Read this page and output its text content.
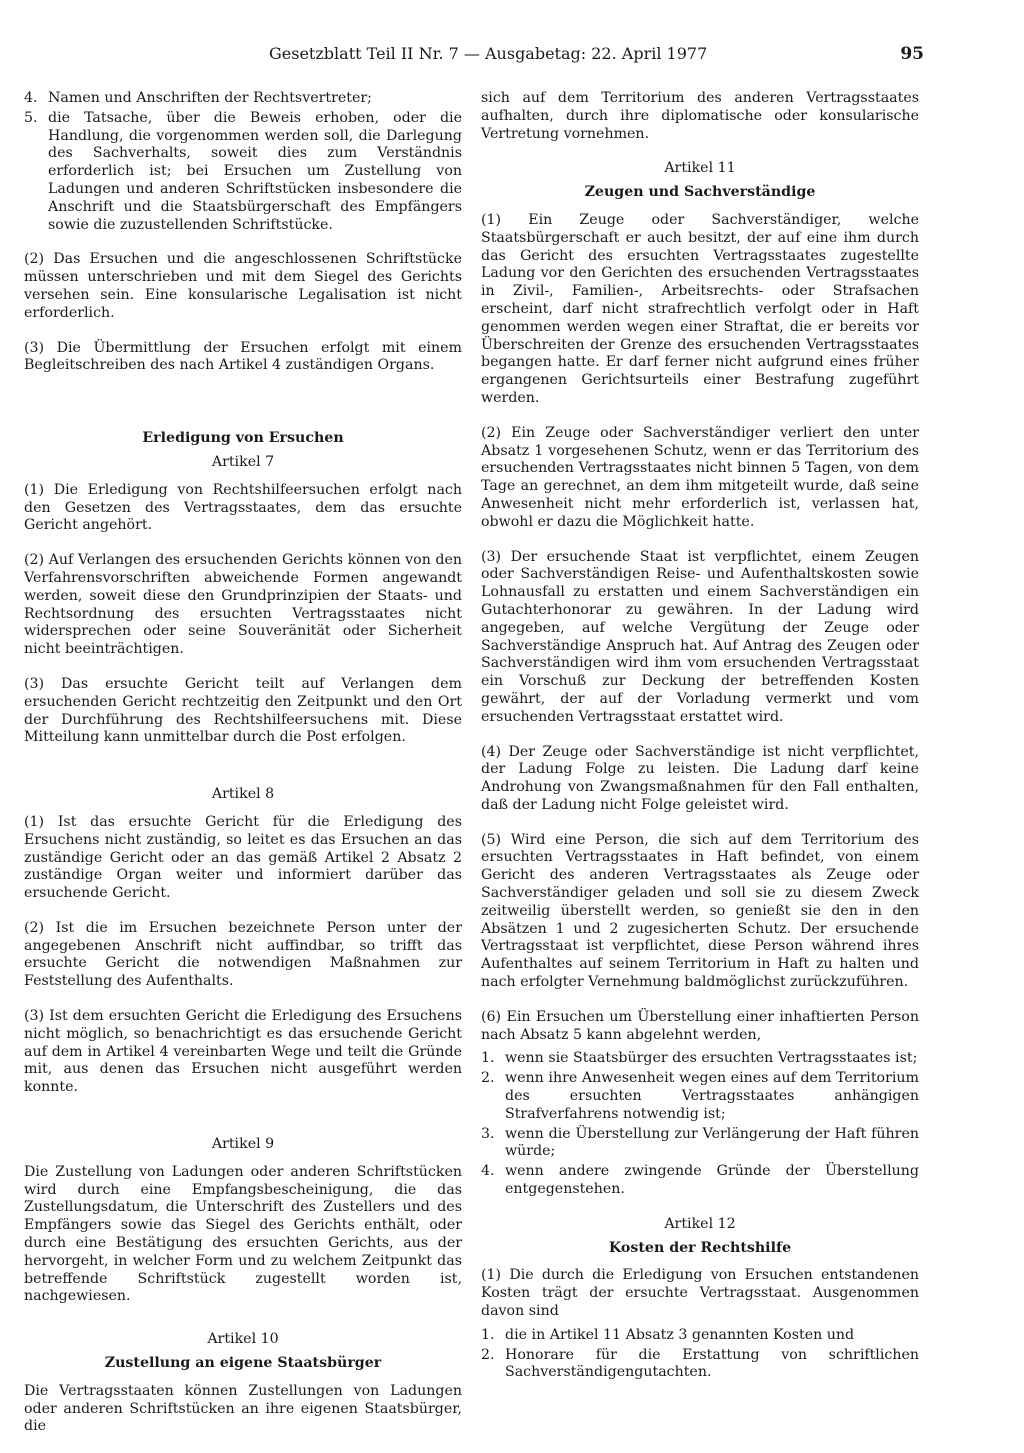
Gesetzblatt Teil II Nr. 7 — Ausgabetag: 22. April 1977	95
4. Namen und Anschriften der Rechtsvertreter;
5. die Tatsache, über die Beweis erhoben, oder die Handlung, die vorgenommen werden soll, die Darlegung des Sachverhalts, soweit dies zum Verständnis erforderlich ist; bei Ersuchen um Zustellung von Ladungen und anderen Schriftstücken insbesondere die Anschrift und die Staatsbürgerschaft des Empfängers sowie die zuzustellenden Schriftstücke.

(2) Das Ersuchen und die angeschlossenen Schriftstücke müssen unterschrieben und mit dem Siegel des Gerichts versehen sein. Eine konsularische Legalisation ist nicht erforderlich.

(3) Die Übermittlung der Ersuchen erfolgt mit einem Begleitschreiben des nach Artikel 4 zuständigen Organs.

Erledigung von Ersuchen

Artikel 7

(1) Die Erledigung von Rechtshilfeersuchen erfolgt nach den Gesetzen des Vertragsstaates, dem das ersuchte Gericht angehört.

(2) Auf Verlangen des ersuchenden Gerichts können von den Verfahrensvorschriften abweichende Formen angewandt werden, soweit diese den Grundprinzipien der Staats- und Rechtsordnung des ersuchten Vertragsstaates nicht widersprechen oder seine Souveränität oder Sicherheit nicht beeinträchtigen.

(3) Das ersuchte Gericht teilt auf Verlangen dem ersuchenden Gericht rechtzeitig den Zeitpunkt und den Ort der Durchführung des Rechtshilfeersuchens mit. Diese Mitteilung kann unmittelbar durch die Post erfolgen.

Artikel 8

(1) Ist das ersuchte Gericht für die Erledigung des Ersuchens nicht zuständig, so leitet es das Ersuchen an das zuständige Gericht oder an das gemäß Artikel 2 Absatz 2 zuständige Organ weiter und informiert darüber das ersuchende Gericht.

(2) Ist die im Ersuchen bezeichnete Person unter der angegebenen Anschrift nicht auffindbar, so trifft das ersuchte Gericht die notwendigen Maßnahmen zur Feststellung des Aufenthalts.

(3) Ist dem ersuchten Gericht die Erledigung des Ersuchens nicht möglich, so benachrichtigt es das ersuchende Gericht auf dem in Artikel 4 vereinbarten Wege und teilt die Gründe mit, aus denen das Ersuchen nicht ausgeführt werden konnte.

Artikel 9

Die Zustellung von Ladungen oder anderen Schriftstücken wird durch eine Empfangsbescheinigung, die das Zustellungsdatum, die Unterschrift des Zustellers und des Empfängers sowie das Siegel des Gerichts enthält, oder durch eine Bestätigung des ersuchten Gerichts, aus der hervorgeht, in welcher Form und zu welchem Zeitpunkt das betreffende Schriftstück zugestellt worden ist, nachgewiesen.

Artikel 10

Zustellung an eigene Staatsbürger

Die Vertragsstaaten können Zustellungen von Ladungen oder anderen Schriftstücken an ihre eigenen Staatsbürger, die

sich auf dem Territorium des anderen Vertragsstaates aufhalten, durch ihre diplomatische oder konsularische Vertretung vornehmen.

Artikel 11

Zeugen und Sachverständige

(1) Ein Zeuge oder Sachverständiger, welche Staatsbürgerschaft er auch besitzt, der auf eine ihm durch das Gericht des ersuchten Vertragsstaates zugestellte Ladung vor den Gerichten des ersuchenden Vertragsstaates in Zivil-, Familien-, Arbeitsrechts- oder Strafsachen erscheint, darf nicht strafrechtlich verfolgt oder in Haft genommen werden wegen einer Straftat, die er bereits vor Überschreiten der Grenze des ersuchenden Vertragsstaates begangen hatte. Er darf ferner nicht aufgrund eines früher ergangenen Gerichtsurteils einer Bestrafung zugeführt werden.

(2) Ein Zeuge oder Sachverständiger verliert den unter Absatz 1 vorgesehenen Schutz, wenn er das Territorium des ersuchenden Vertragsstaates nicht binnen 5 Tagen, von dem Tage an gerechnet, an dem ihm mitgeteilt wurde, daß seine Anwesenheit nicht mehr erforderlich ist, verlassen hat, obwohl er dazu die Möglichkeit hatte.

(3) Der ersuchende Staat ist verpflichtet, einem Zeugen oder Sachverständigen Reise- und Aufenthaltskosten sowie Lohnausfall zu erstatten und einem Sachverständigen ein Gutachterhonorar zu gewähren. In der Ladung wird angegeben, auf welche Vergütung der Zeuge oder Sachverständige Anspruch hat. Auf Antrag des Zeugen oder Sachverständigen wird ihm vom ersuchenden Vertragsstaat ein Vorschuß zur Deckung der betreffenden Kosten gewährt, der auf der Vorladung vermerkt und vom ersuchenden Vertragsstaat erstattet wird.

(4) Der Zeuge oder Sachverständige ist nicht verpflichtet, der Ladung Folge zu leisten. Die Ladung darf keine Androhung von Zwangsmaßnahmen für den Fall enthalten, daß der Ladung nicht Folge geleistet wird.

(5) Wird eine Person, die sich auf dem Territorium des ersuchten Vertragsstaates in Haft befindet, von einem Gericht des anderen Vertragsstaates als Zeuge oder Sachverständiger geladen und soll sie zu diesem Zweck zeitweilig überstellt werden, so genießt sie den in den Absätzen 1 und 2 zugesicherten Schutz. Der ersuchende Vertragsstaat ist verpflichtet, diese Person während ihres Aufenthaltes auf seinem Territorium in Haft zu halten und nach erfolgter Vernehmung baldmöglichst zurückzuführen.

(6) Ein Ersuchen um Überstellung einer inhaftierten Person nach Absatz 5 kann abgelehnt werden,

1. wenn sie Staatsbürger des ersuchten Vertragsstaates ist;
2. wenn ihre Anwesenheit wegen eines auf dem Territorium des ersuchten Vertragsstaates anhängigen Strafverfahrens notwendig ist;
3. wenn die Überstellung zur Verlängerung der Haft führen würde;
4. wenn andere zwingende Gründe der Überstellung entgegenstehen.

Artikel 12

Kosten der Rechtshilfe

(1) Die durch die Erledigung von Ersuchen entstandenen Kosten trägt der ersuchte Vertragsstaat. Ausgenommen davon sind

1. die in Artikel 11 Absatz 3 genannten Kosten und
2. Honorare für die Erstattung von schriftlichen Sachverständigengutachten.
